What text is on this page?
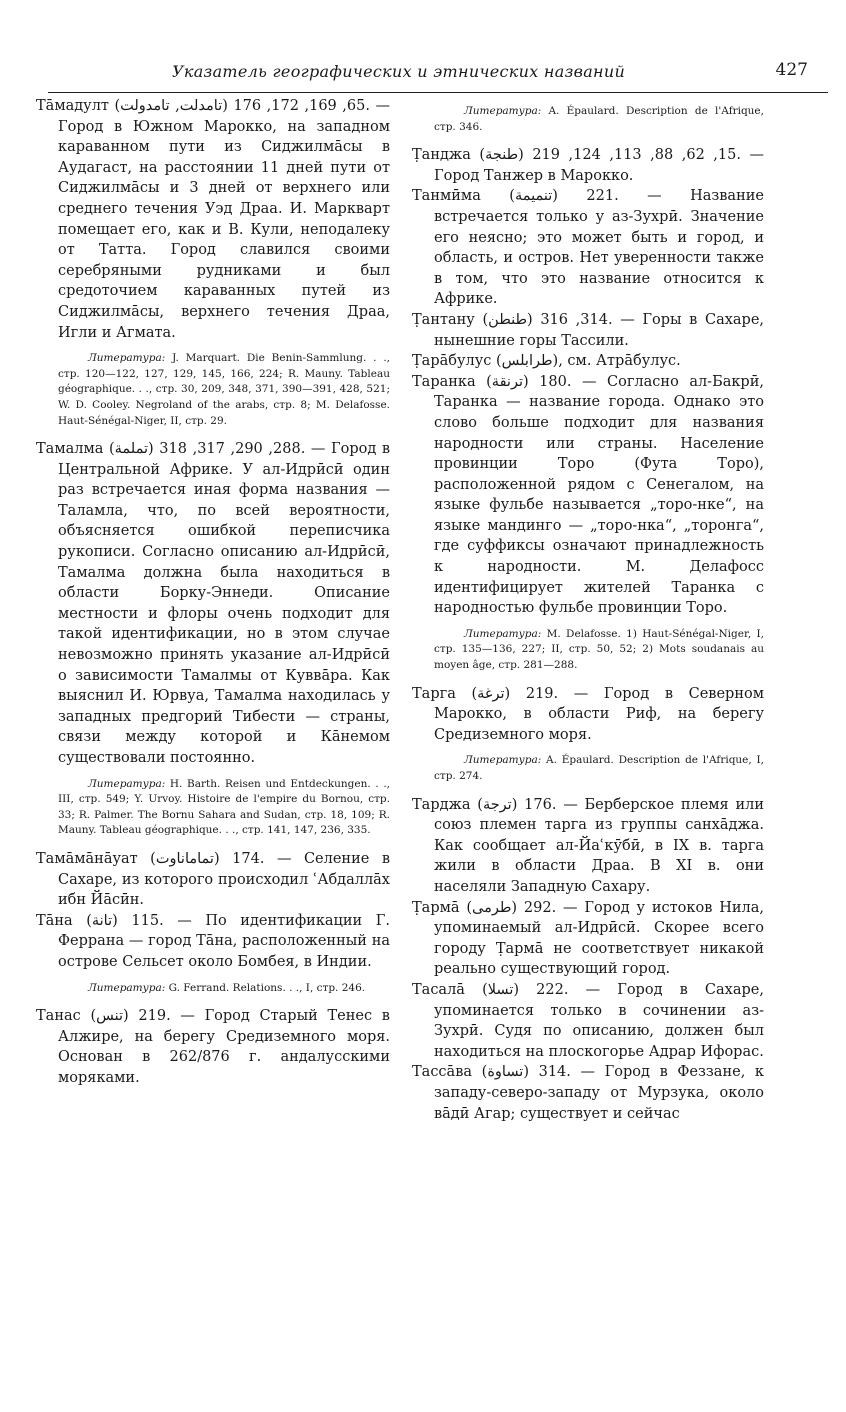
Указатель географических и этнических названий	427
Tāмадулт (تامدلت, تامدولت) 65, 169, 172, 176. — Город в Южном Марокко, на западном караванном пути из Сиджилмāсы в Аудагаст, на расстоянии 11 дней пути от Сиджилмāсы и 3 дней от верхнего или среднего течения Уэд Драа. И. Маркварт помещает его, как и В. Кули, неподалеку от Татта. Город славился своими серебряными рудниками и был средоточием караванных путей из Сиджилмāсы, верхнего течения Драа, Игли и Агмата.
Литература: J. Marquart. Die Benin-Sammlung. . ., стр. 120—122, 127, 129, 145, 166, 224; R. Mauny. Tableau géographique. . ., стр. 30, 209, 348, 371, 390—391, 428, 521; W. D. Cooley. Negroland of the arabs, стр. 8; M. Delafosse. Haut-Sénégal-Niger, II, стр. 29.
Тамалма (تملمة) 288, 290, 317, 318. — Город в Центральной Африке. У ал-Идрӣсӣ один раз встречается иная форма названия — Таламла, что, по всей вероятности, объясняется ошибкой переписчика рукописи. Согласно описанию ал-Идрӣсӣ, Тамалма должна была находиться в области Борку-Эннеди. Описание местности и флоры очень подходит для такой идентификации, но в этом случае невозможно принять указание ал-Идрӣсӣ о зависимости Тамалмы от Куввāра. Как выяснил И. Юрвуа, Тамалма находилась у западных предгорий Тибести — страны, связи между которой и Кāнемом существовали постоянно.
Литература: H. Barth. Reisen und Entdeckungen. . ., III, стр. 549; Y. Urvoy. Histoire de l'empire du Bornou, стр. 33; R. Palmer. The Bornu Sahara and Sudan, стр. 18, 109; R. Mauny. Tableau géographique. . ., стр. 141, 147, 236, 335.
Тамāмāнāуат (تماماناوت) 174. — Селение в Сахаре, из которого происходил ʿАбдаллāх ибн Йāсӣн.
Тāна (تانة) 115. — По идентификации Г. Феррана — город Тāна, расположенный на острове Сельсет около Бомбея, в Индии.
Литература: G. Ferrand. Relations. . ., I, стр. 246.
Танас (تنس) 219. — Город Старый Тенес в Алжире, на берегу Средиземного моря. Основан в 262/876 г. андалусскими моряками.
Литература: A. Épaulard. Description de l'Afrique, стр. 346.
Ṭанджа (طنجة) 15, 62, 88, 113, 124, 219. — Город Танжер в Марокко.
Танмӣма (تنميمة) 221. — Название встречается только у аз-Зухрӣ. Значение его неясно; это может быть и город, и область, и остров. Нет уверенности также в том, что это название относится к Африке.
Ṭантану (طنطن) 314, 316. — Горы в Сахаре, нынешние горы Тассили.
Ṭарāбулус (طرابلس), см. Атрāбулус.
Таранка (ترنقة) 180. — Согласно ал-Бакрӣ, Таранка — название города. Однако это слово больше подходит для названия народности или страны. Население провинции Торо (Фута Торо), расположенной рядом с Сенегалом, на языке фульбе называется „торо-нке“, на языке мандинго — „торо-нка“, „торонга“, где суффиксы означают принадлежность к народности. М. Делафосс идентифицирует жителей Таранка с народностью фульбе провинции Торо.
Литература: M. Delafosse. 1) Haut-Sénégal-Niger, I, стр. 135—136, 227; II, стр. 50, 52; 2) Mots soudanais au moyen âge, стр. 281—288.
Тарга (ترغة) 219. — Город в Северном Марокко, в области Риф, на берегу Средиземного моря.
Литература: A. Épaulard. Description de l'Afrique, I, стр. 274.
Тарджа (ترجة) 176. — Берберское племя или союз племен тарга из группы санхāджа. Как сообщает ал-Йаʿкӯбӣ, в IX в. тарга жили в области Драа. В XI в. они населяли Западную Сахару.
Ṭармā (طرمى) 292. — Город у истоков Нила, упоминаемый ал-Идрӣсӣ. Скорее всего городу Ṭармā не соответствует никакой реально существующий город.
Тасалā (تسلا) 222. — Город в Сахаре, упоминается только в сочинении аз-Зухрӣ. Судя по описанию, должен был находиться на плоскогорье Адрар Ифорас.
Тассāва (تساوة) 314. — Город в Феззане, к западу-северо-западу от Мурзука, около вāдӣ Агар; существует и сейчас
